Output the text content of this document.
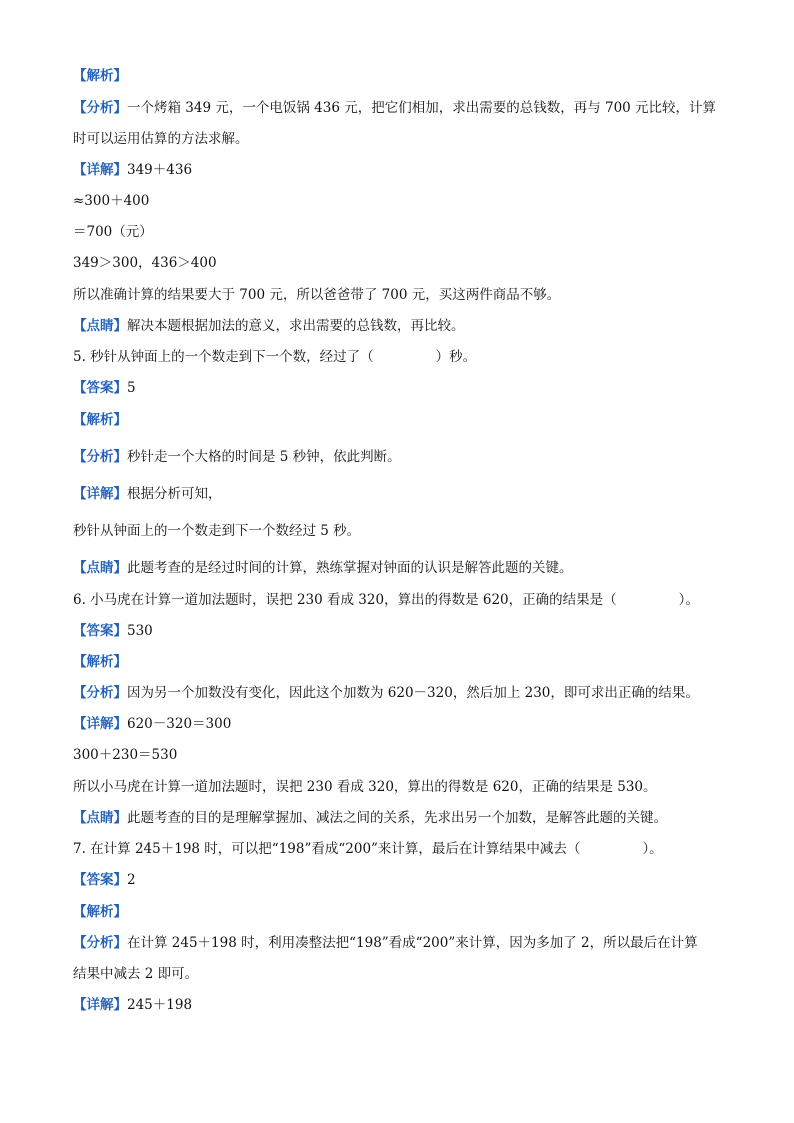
【解析】
【分析】一个烤箱 349 元，一个电饭锅 436 元，把它们相加，求出需要的总钱数，再与 700 元比较，计算
时可以运用估算的方法求解。
【详解】349＋436
≈300＋400
＝700（元）
349＞300，436＞400
所以准确计算的结果要大于 700 元，所以爸爸带了 700 元，买这两件商品不够。
【点睛】解决本题根据加法的意义，求出需要的总钱数，再比较。
5. 秒针从钟面上的一个数走到下一个数，经过了（	）秒。
【答案】5
【解析】
【分析】秒针走一个大格的时间是 5 秒钟，依此判断。
【详解】根据分析可知，
秒针从钟面上的一个数走到下一个数经过 5 秒。
【点睛】此题考查的是经过时间的计算，熟练掌握对钟面的认识是解答此题的关键。
6. 小马虎在计算一道加法题时，误把 230 看成 320，算出的得数是 620，正确的结果是（	）。
【答案】530
【解析】
【分析】因为另一个加数没有变化，因此这个加数为 620－320，然后加上 230，即可求出正确的结果。
【详解】620－320＝300
300＋230＝530
所以小马虎在计算一道加法题时，误把 230 看成 320，算出的得数是 620，正确的结果是 530。
【点睛】此题考查的目的是理解掌握加、减法之间的关系，先求出另一个加数，是解答此题的关键。
7. 在计算 245＋198 时，可以把“198”看成“200”来计算，最后在计算结果中减去（	）。
【答案】2
【解析】
【分析】在计算 245＋198 时，利用凑整法把“198”看成“200”来计算，因为多加了 2，所以最后在计算
结果中减去 2 即可。
【详解】245＋198
